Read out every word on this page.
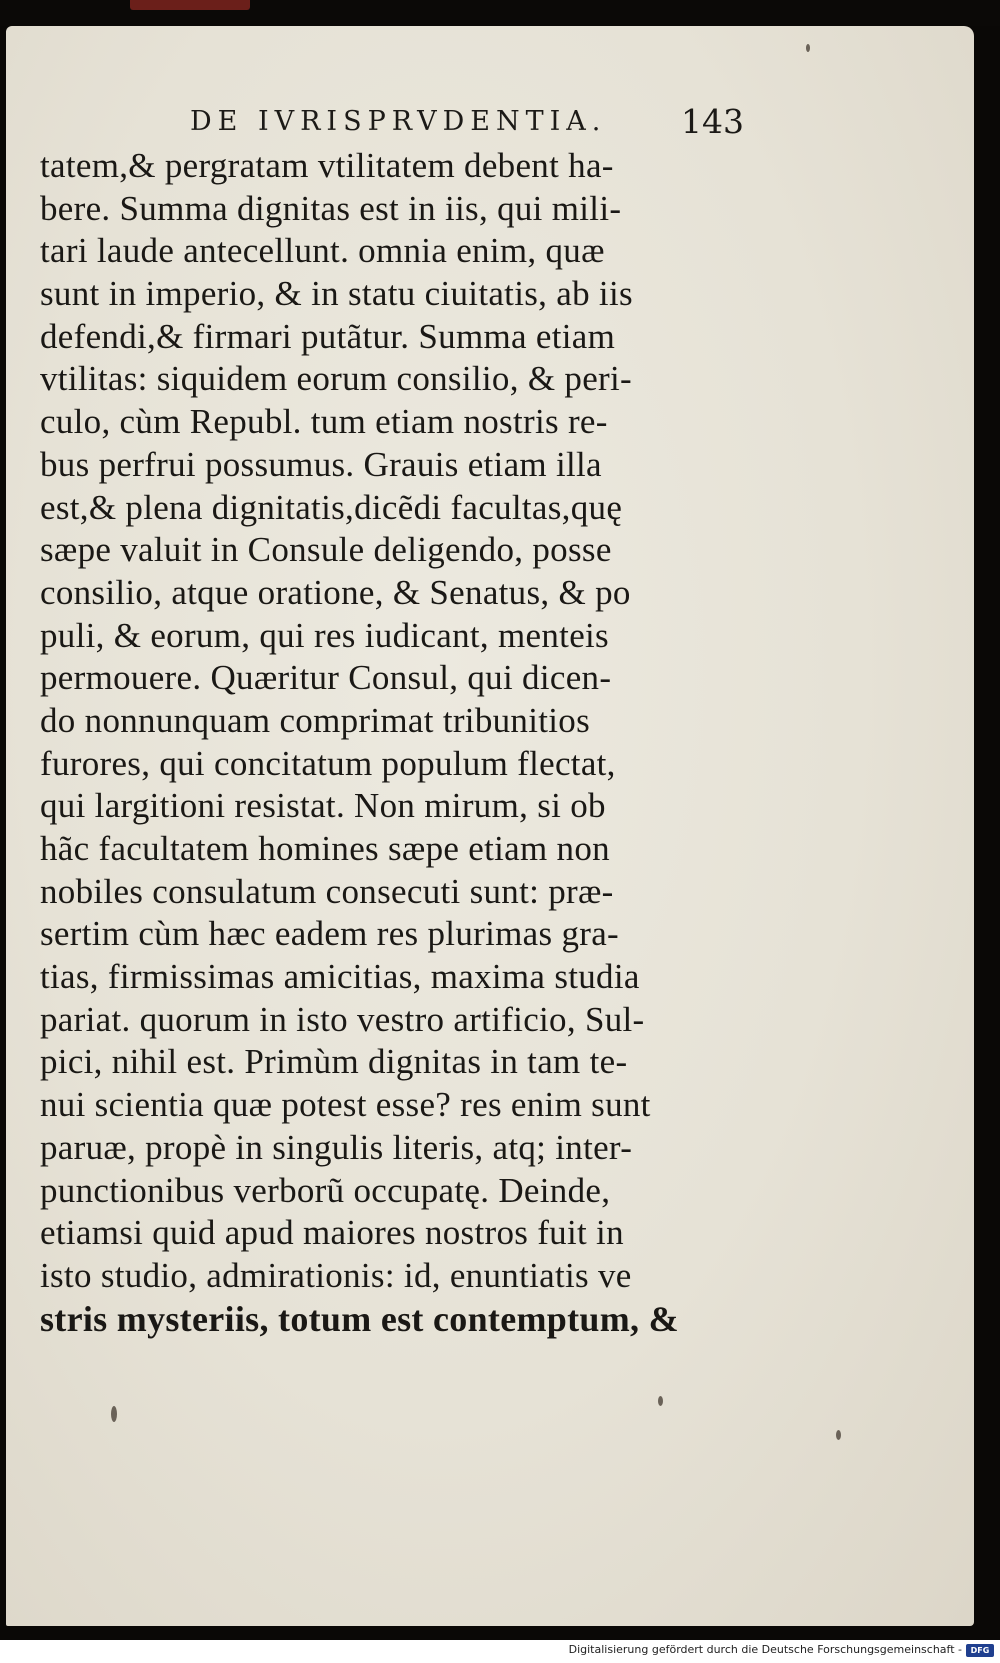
DE IVRISPRVDENTIA.	143
tatem,& pergratam vtilitatem debent ha-
bere. Summa dignitas est in iis, qui mili-
tari laude antecellunt. omnia enim, quæ
sunt in imperio, & in statu ciuitatis, ab iis
defendi,& firmari putãtur. Summa etiam
vtilitas: siquidem eorum consilio, & peri-
culo, cùm Republ. tum etiam nostris re-
bus perfrui possumus. Grauis etiam illa
est,& plena dignitatis,dicẽdi facultas,quę
sæpe valuit in Consule deligendo, posse
consilio, atque oratione, & Senatus, & po
puli, & eorum, qui res iudicant, menteis
permouere. Quæritur Consul, qui dicen-
do nonnunquam comprimat tribunitios
furores, qui concitatum populum flectat,
qui largitioni resistat. Non mirum, si ob
hãc facultatem homines sæpe etiam non
nobiles consulatum consecuti sunt: præ-
sertim cùm hæc eadem res plurimas gra-
tias, firmissimas amicitias, maxima studia
pariat. quorum in isto vestro artificio, Sul-
pici, nihil est. Primùm dignitas in tam te-
nui scientia quæ potest esse? res enim sunt
paruæ, propè in singulis literis, atq; inter-
punctionibus verborũ occupatę. Deinde,
etiamsi quid apud maiores nostros fuit in
isto studio, admirationis: id, enuntiatis ve
stris mysteriis, totum est contemptum, &
Digitalisierung gefördert durch die Deutsche Forschungsgemeinschaft -	DFG
